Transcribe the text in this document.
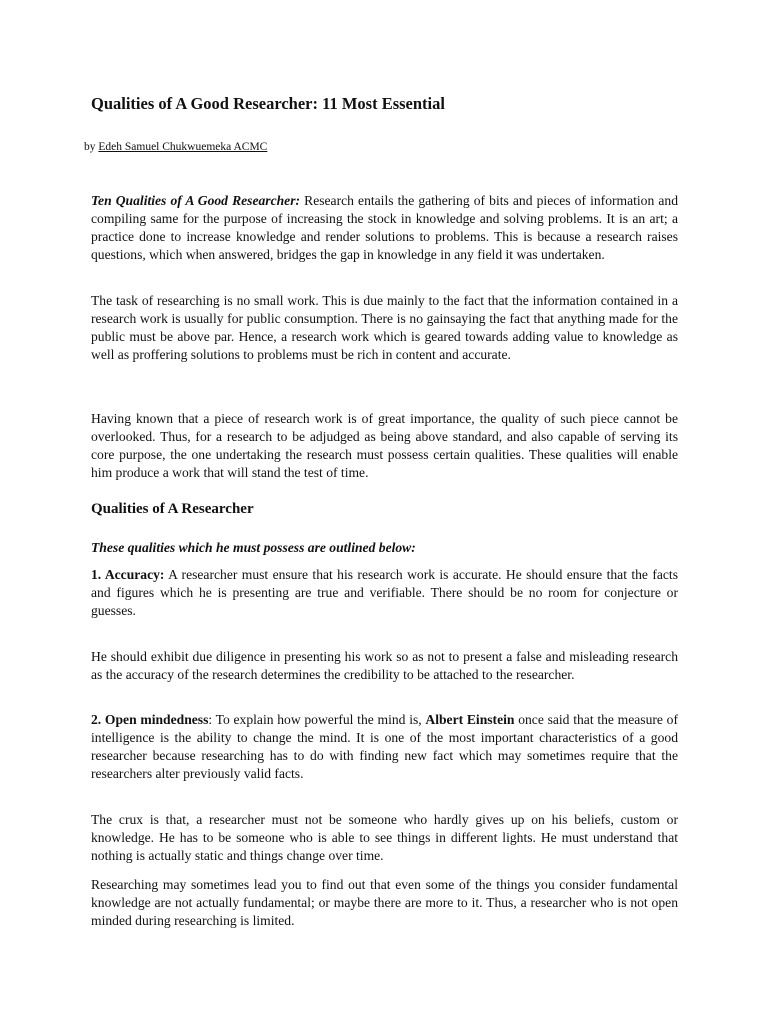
Qualities of A Good Researcher: 11 Most Essential

by Edeh Samuel Chukwuemeka ACMC

Ten Qualities of A Good Researcher: Research entails the gathering of bits and pieces of information and compiling same for the purpose of increasing the stock in knowledge and solving problems. It is an art; a practice done to increase knowledge and render solutions to problems. This is because a research raises questions, which when answered, bridges the gap in knowledge in any field it was undertaken.

The task of researching is no small work. This is due mainly to the fact that the information contained in a research work is usually for public consumption. There is no gainsaying the fact that anything made for the public must be above par. Hence, a research work which is geared towards adding value to knowledge as well as proffering solutions to problems must be rich in content and accurate.

Having known that a piece of research work is of great importance, the quality of such piece cannot be overlooked. Thus, for a research to be adjudged as being above standard, and also capable of serving its core purpose, the one undertaking the research must possess certain qualities. These qualities will enable him produce a work that will stand the test of time.

Qualities of A Researcher

These qualities which he must possess are outlined below:

1. Accuracy: A researcher must ensure that his research work is accurate. He should ensure that the facts and figures which he is presenting are true and verifiable. There should be no room for conjecture or guesses.

He should exhibit due diligence in presenting his work so as not to present a false and misleading research as the accuracy of the research determines the credibility to be attached to the researcher.

2. Open mindedness: To explain how powerful the mind is, Albert Einstein once said that the measure of intelligence is the ability to change the mind. It is one of the most important characteristics of a good researcher because researching has to do with finding new fact which may sometimes require that the researchers alter previously valid facts.

The crux is that, a researcher must not be someone who hardly gives up on his beliefs, custom or knowledge. He has to be someone who is able to see things in different lights. He must understand that nothing is actually static and things change over time.

Researching may sometimes lead you to find out that even some of the things you consider fundamental knowledge are not actually fundamental; or maybe there are more to it. Thus, a researcher who is not open minded during researching is limited.
